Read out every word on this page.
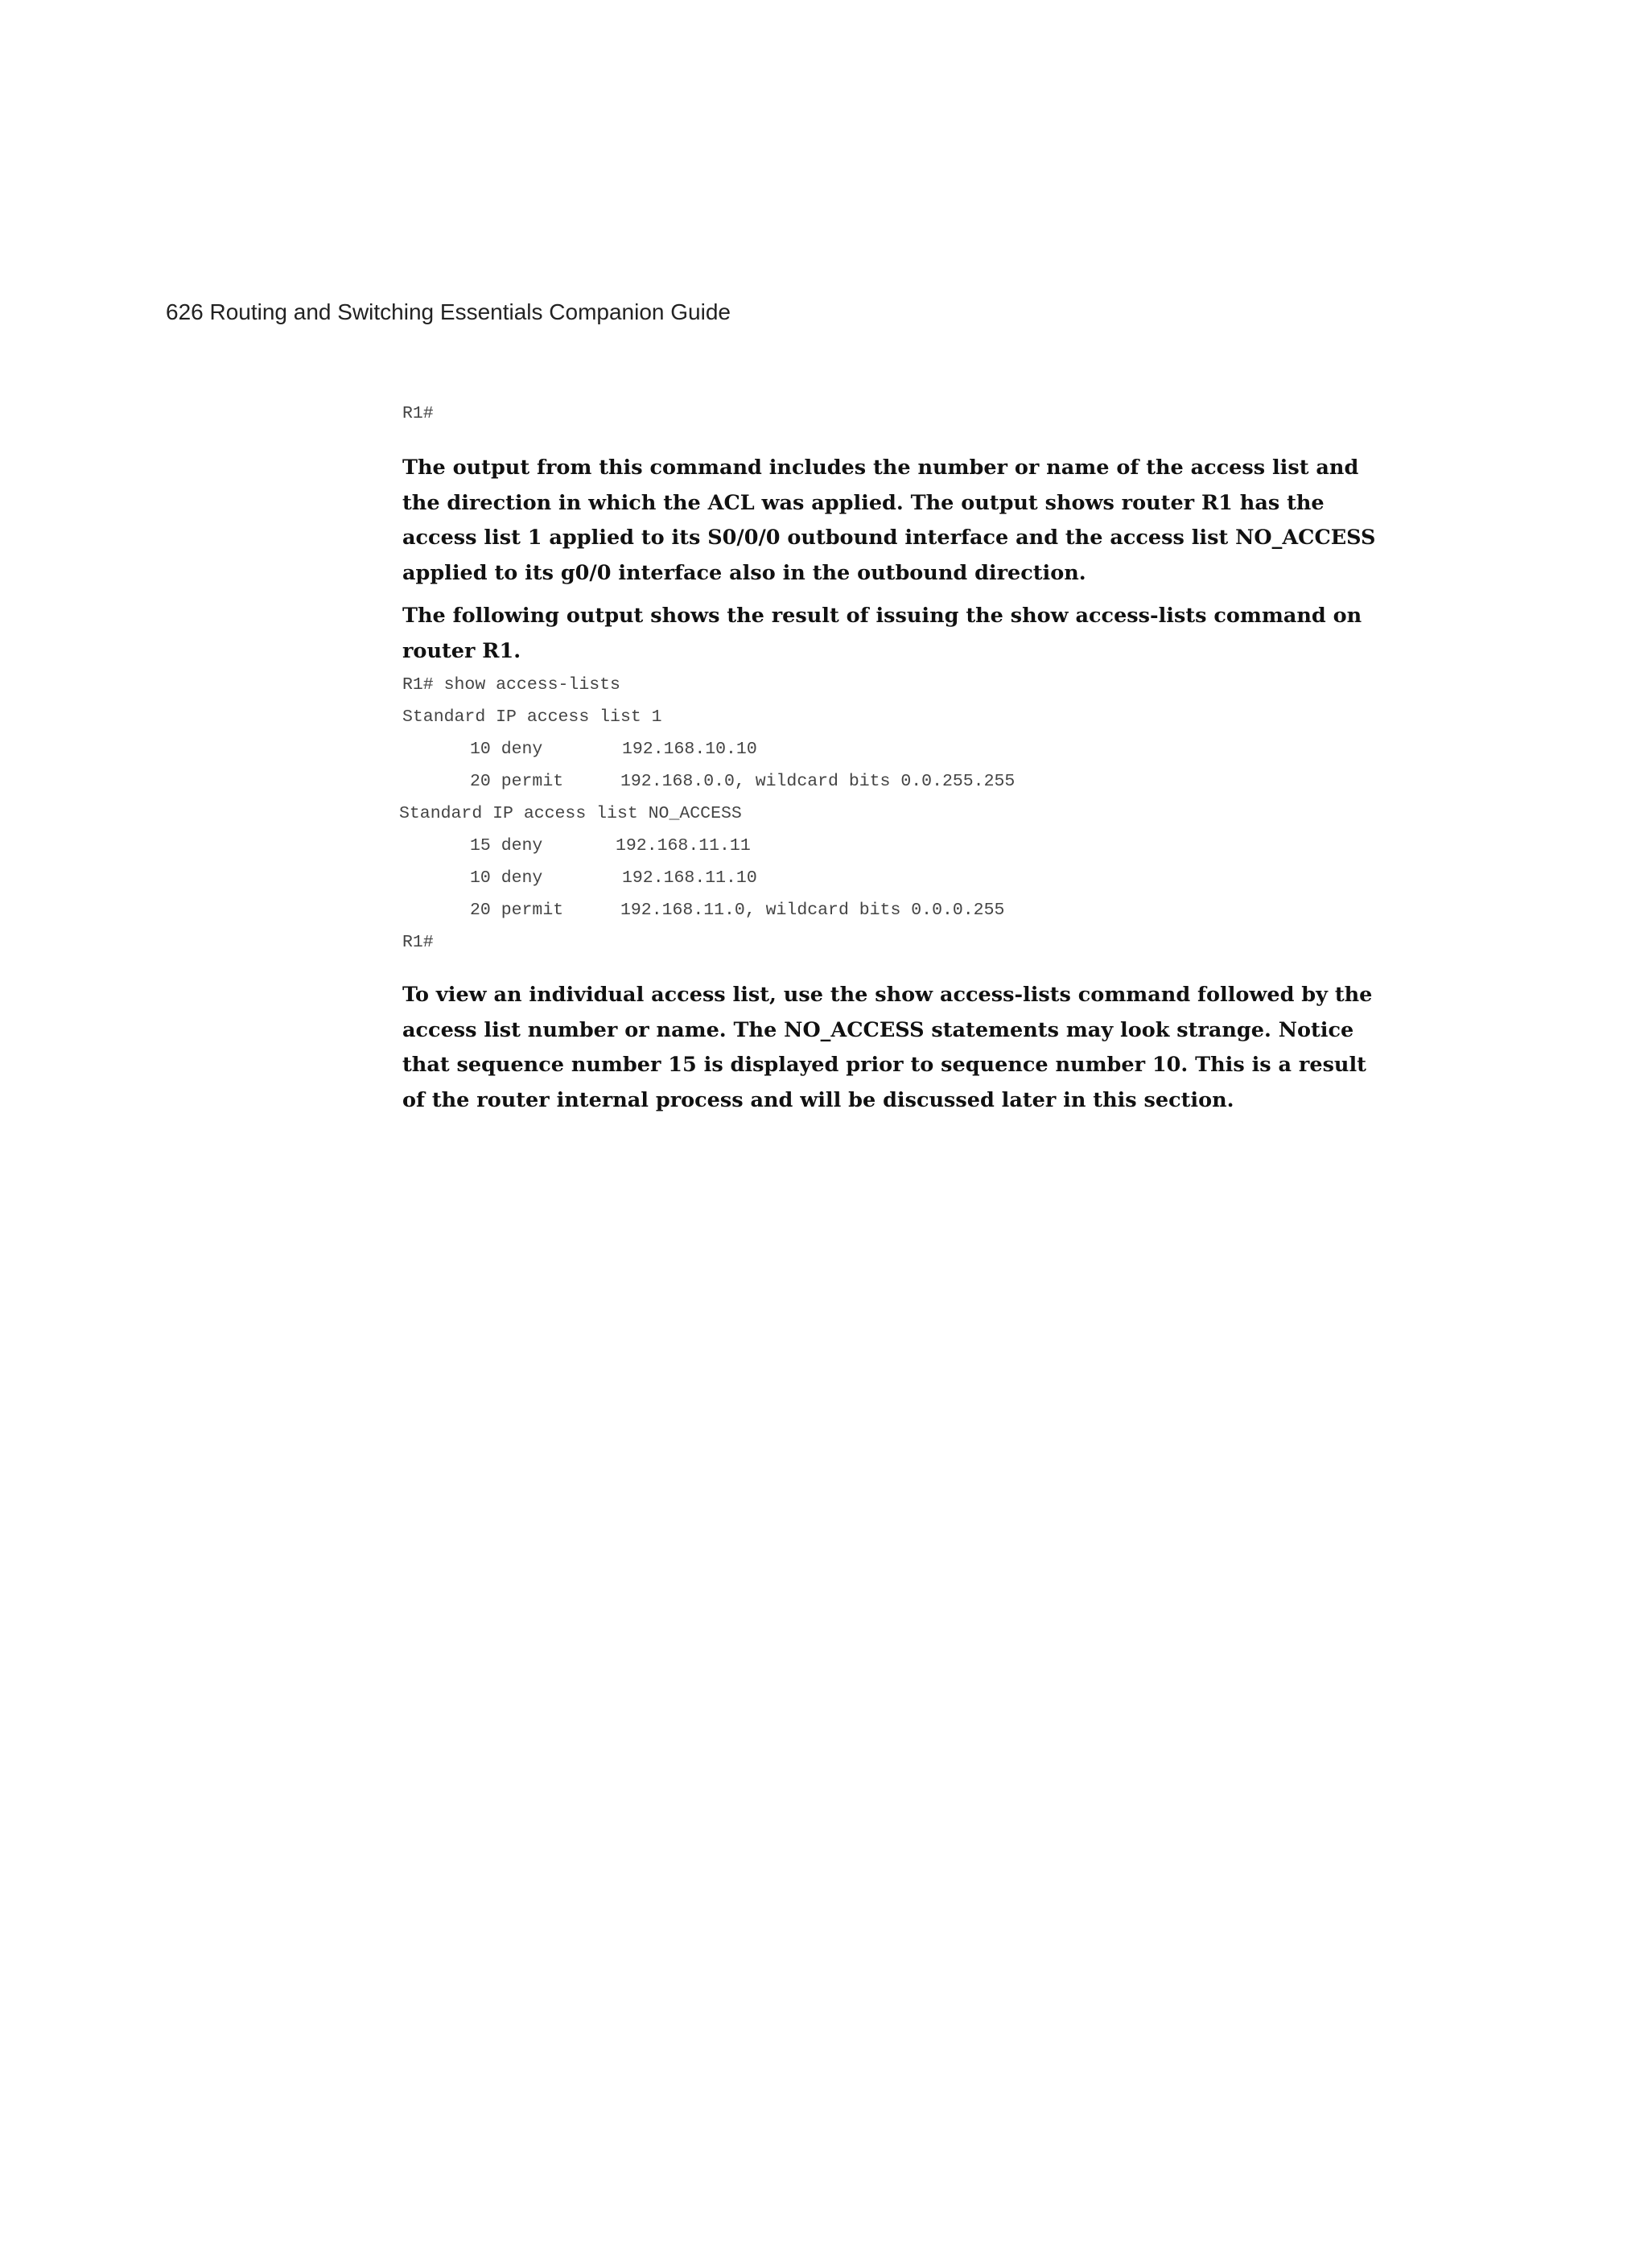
626 Routing and Switching Essentials Companion Guide
R1#

The output from this command includes the number or name of the access list and the direction in which the ACL was applied. The output shows router R1 has the access list 1 applied to its S0/0/0 outbound interface and the access list NO_ACCESS applied to its g0/0 interface also in the outbound direction.

The following output shows the result of issuing the show access-lists command on router R1.

R1# show access-lists
Standard IP access list 1
10 deny	192.168.10.10
20 permit	192.168.0.0, wildcard bits 0.0.255.255
Standard IP access list NO_ACCESS
15 deny	192.168.11.11
10 deny	192.168.11.10
20 permit	192.168.11.0, wildcard bits 0.0.0.255
R1#

To view an individual access list, use the show access-lists command followed by the access list number or name. The NO_ACCESS statements may look strange. Notice that sequence number 15 is displayed prior to sequence number 10. This is a result of the router internal process and will be discussed later in this section.
